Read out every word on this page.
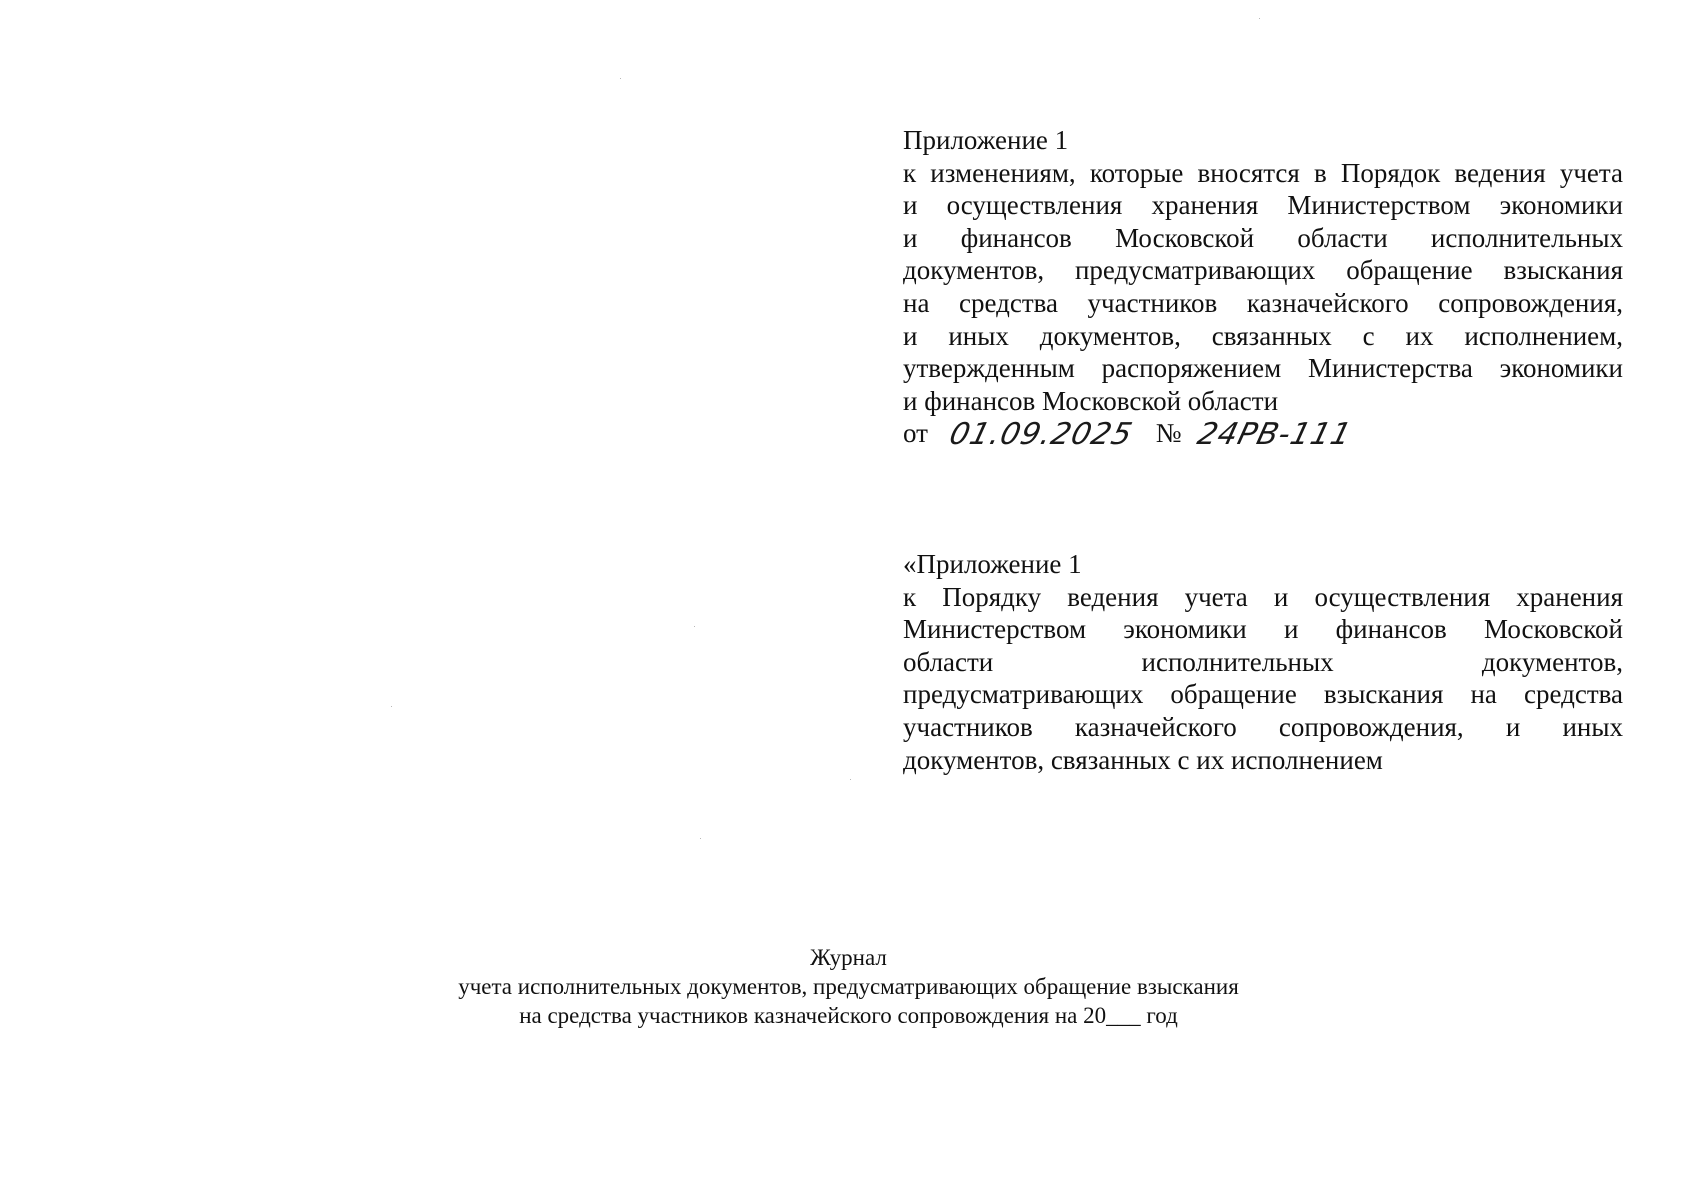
Приложение 1
к изменениям, которые вносятся в Порядок ведения учета
и осуществления хранения Министерством экономики
и финансов Московской области исполнительных
документов, предусматривающих обращение взыскания
на средства участников казначейского сопровождения,
и иных документов, связанных с их исполнением,
утвержденным распоряжением Министерства экономики
и финансов Московской области
от 01.09.2025 № 24РВ-111
«Приложение 1
к Порядку ведения учета и осуществления хранения
Министерством экономики и финансов Московской
области исполнительных документов,
предусматривающих обращение взыскания на средства
участников казначейского сопровождения, и иных
документов, связанных с их исполнением
Журнал
учета исполнительных документов, предусматривающих обращение взыскания
на средства участников казначейского сопровождения на 20___ год
